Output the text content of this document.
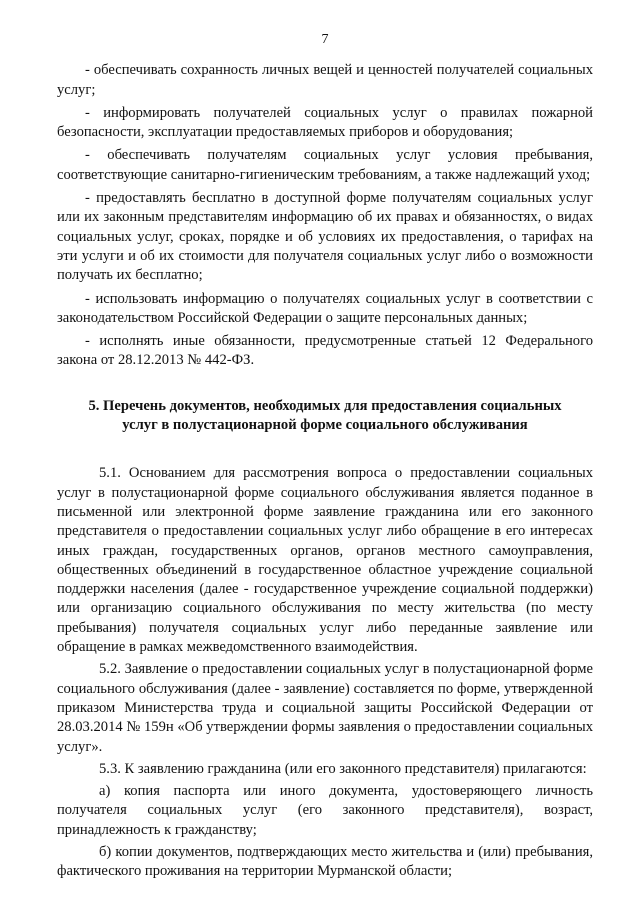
7

- обеспечивать сохранность личных вещей и ценностей получателей социальных услуг;

- информировать получателей социальных услуг о правилах пожарной безопасности, эксплуатации предоставляемых приборов и оборудования;

- обеспечивать получателям социальных услуг условия пребывания, соответствующие санитарно-гигиеническим требованиям, а также надлежащий уход;

- предоставлять бесплатно в доступной форме получателям социальных услуг или их законным представителям информацию об их правах и обязанностях, о видах социальных услуг, сроках, порядке и об условиях их предоставления, о тарифах на эти услуги и об их стоимости для получателя социальных услуг либо о возможности получать их бесплатно;

- использовать информацию о получателях социальных услуг в соответствии с законодательством Российской Федерации о защите персональных данных;

- исполнять иные обязанности, предусмотренные статьей 12 Федерального закона от 28.12.2013 № 442-ФЗ.

5. Перечень документов, необходимых для предоставления социальных
услуг в полустационарной форме социального обслуживания

5.1. Основанием для рассмотрения вопроса о предоставлении социальных услуг в полустационарной форме социального обслуживания является поданное в письменной или электронной форме заявление гражданина или его законного представителя о предоставлении социальных услуг либо обращение в его интересах иных граждан, государственных органов, органов местного самоуправления, общественных объединений в государственное областное учреждение социальной поддержки населения (далее - государственное учреждение социальной поддержки) или организацию социального обслуживания по месту жительства (по месту пребывания) получателя социальных услуг либо переданные заявление или обращение в рамках межведомственного взаимодействия.

5.2. Заявление о предоставлении социальных услуг в полустационарной форме социального обслуживания (далее - заявление) составляется по форме, утвержденной приказом Министерства труда и социальной защиты Российской Федерации от 28.03.2014 № 159н «Об утверждении формы заявления о предоставлении социальных услуг».

5.3. К заявлению гражданина (или его законного представителя) прилагаются:

а) копия паспорта или иного документа, удостоверяющего личность получателя социальных услуг (его законного представителя), возраст, принадлежность к гражданству;

б) копии документов, подтверждающих место жительства и (или) пребывания, фактического проживания на территории Мурманской области;
